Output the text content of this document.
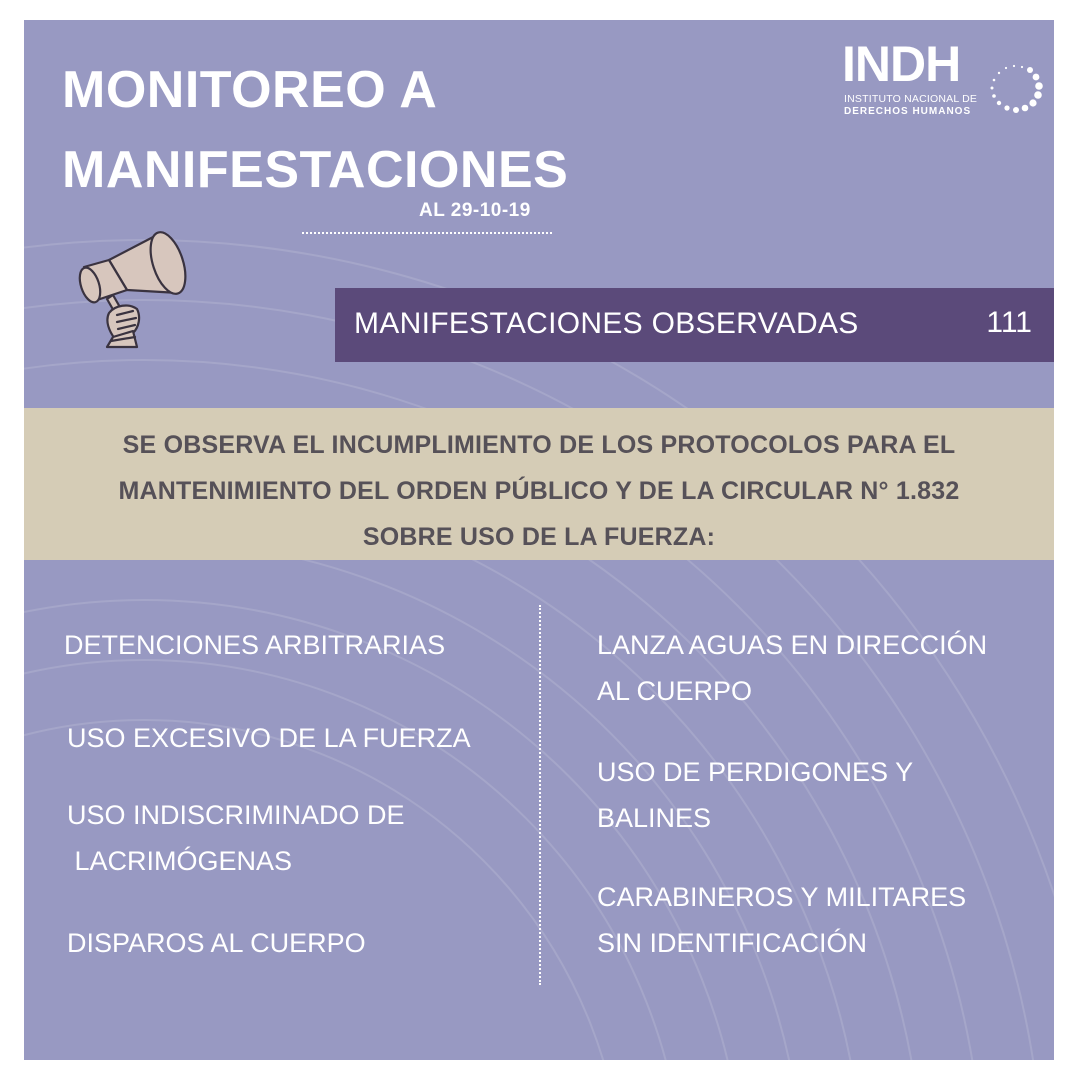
MONITOREO A
MANIFESTACIONES
AL 29-10-19
INDH
INSTITUTO NACIONAL DE
DERECHOS HUMANOS
MANIFESTACIONES OBSERVADAS	111

SE OBSERVA EL INCUMPLIMIENTO DE LOS PROTOCOLOS PARA EL
MANTENIMIENTO DEL ORDEN PÚBLICO Y DE LA CIRCULAR N° 1.832
SOBRE USO DE LA FUERZA:

DETENCIONES ARBITRARIAS

USO EXCESIVO DE LA FUERZA

USO INDISCRIMINADO DE
LACRIMÓGENAS

DISPAROS AL CUERPO

LANZA AGUAS EN DIRECCIÓN
AL CUERPO

USO DE PERDIGONES Y
BALINES

CARABINEROS Y MILITARES
SIN IDENTIFICACIÓN
